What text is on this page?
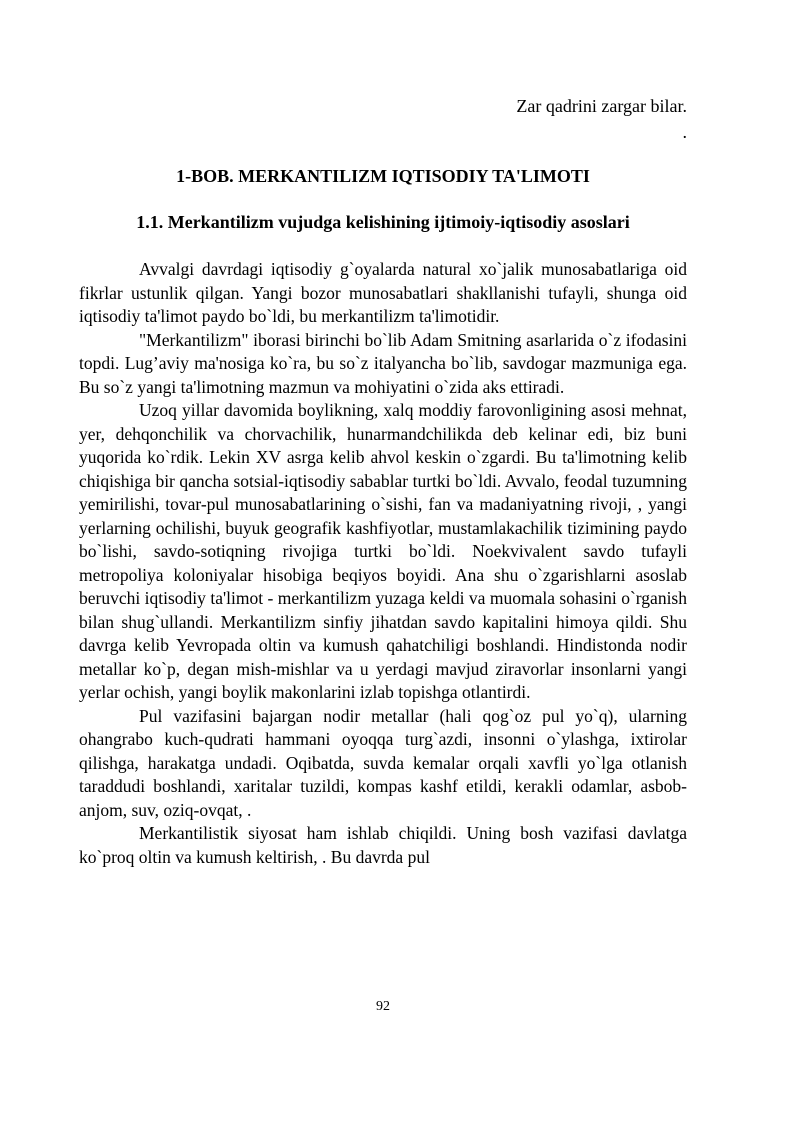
Zar qadrini zargar bilar.
.
1-BOB. MERKANTILIZM IQTISODIY TA'LIMOTI
1.1. Merkantilizm vujudga kelishining ijtimoiy-iqtisodiy asoslari

Avvalgi davrdagi iqtisodiy g`oyalarda natural xo`jalik munosabatlariga oid fikrlar ustunlik qilgan. Yangi bozor munosabatlari shakllanishi tufayli, shunga oid iqtisodiy ta'limot paydo bo`ldi, bu merkantilizm ta'limotidir.

"Merkantilizm" iborasi birinchi bo`lib Adam Smitning asarlarida o`z ifodasini topdi. Lug’aviy ma'nosiga ko`ra, bu so`z italyancha bo`lib, savdogar mazmuniga ega. Bu so`z yangi ta'limotning mazmun va mohiyatini o`zida aks ettiradi.

Uzoq yillar davomida boylikning, xalq moddiy farovonligining asosi mehnat, yer, dehqonchilik va chorvachilik, hunarmandchilikda deb kelinar edi, biz buni yuqorida ko`rdik. Lekin XV asrga kelib ahvol keskin o`zgardi. Bu ta'limotning kelib chiqishiga bir qancha sotsial-iqtisodiy sabablar turtki bo`ldi. Avvalo, feodal tuzumning yemirilishi, tovar-pul munosabatlarining o`sishi, fan va madaniyatning rivoji, , yangi yerlarning ochilishi, buyuk geografik kashfiyotlar, mustamlakachilik tizimining paydo bo`lishi, savdo-sotiqning rivojiga turtki bo`ldi. Noekvivalent savdo tufayli metropoliya koloniyalar hisobiga beqiyos boyidi. Ana shu o`zgarishlarni asoslab beruvchi iqtisodiy ta'limot - merkantilizm yuzaga keldi va muomala sohasini o`rganish bilan shug`ullandi. Merkantilizm sinfiy jihatdan savdo kapitalini himoya qildi. Shu davrga kelib Yevropada oltin va kumush qahatchiligi boshlandi. Hindistonda nodir metallar ko`p, degan mish-mishlar va u yerdagi mavjud ziravorlar insonlarni yangi yerlar ochish, yangi boylik makonlarini izlab topishga otlantirdi.

Pul vazifasini bajargan nodir metallar (hali qog`oz pul yo`q), ularning ohangrabo kuch-qudrati hammani oyoqqa turg`azdi, insonni o`ylashga, ixtirolar qilishga, harakatga undadi. Oqibatda, suvda kemalar orqali xavfli yo`lga otlanish taraddudi boshlandi, xaritalar tuzildi, kompas kashf etildi, kerakli odamlar, asbob-anjom, suv, oziq-ovqat, .

Merkantilistik siyosat ham ishlab chiqildi. Uning bosh vazifasi davlatga ko`proq oltin va kumush keltirish, . Bu davrda pul

92
